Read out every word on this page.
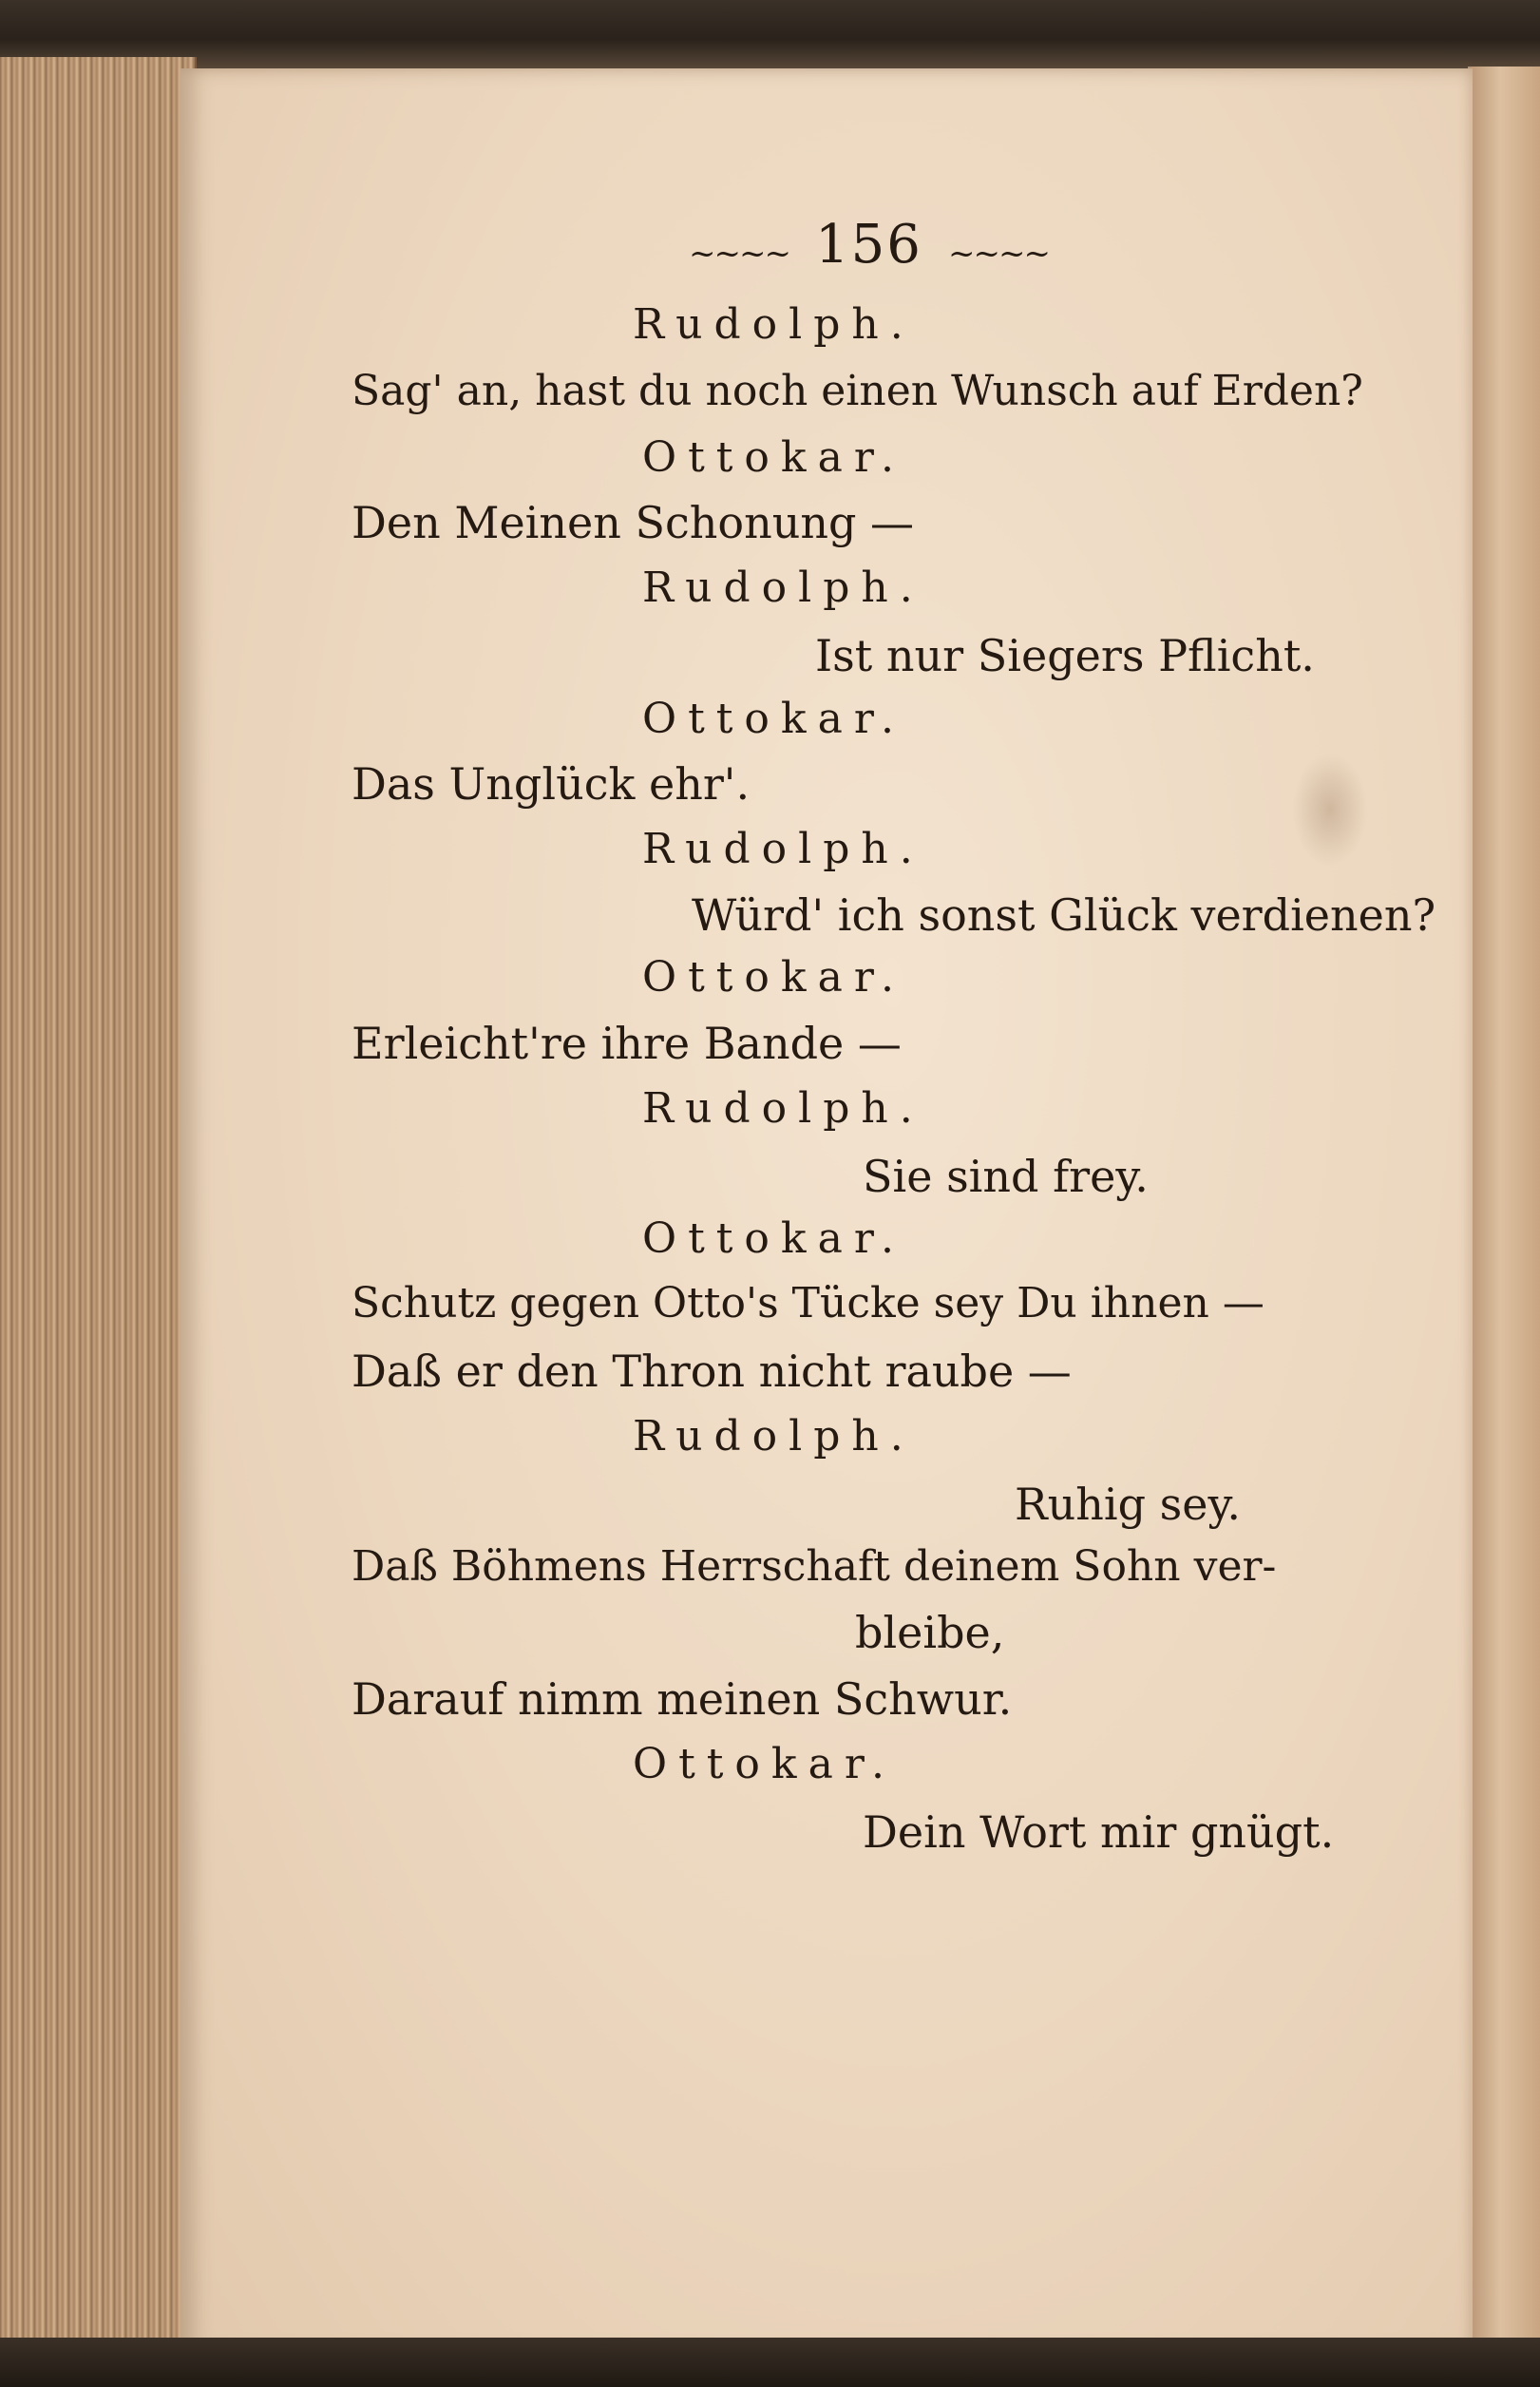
~~~~ 156 ~~~~
Rudolph.
Sag' an, hast du noch einen Wunsch auf Erden?
Ottokar.
Den Meinen Schonung —
Rudolph.
Ist nur Siegers Pflicht.
Ottokar.
Das Unglück ehr'.
Rudolph.
Würd' ich sonst Glück verdienen?
Ottokar.
Erleicht're ihre Bande —
Rudolph.
Sie sind frey.
Ottokar.
Schutz gegen Otto's Tücke sey Du ihnen —
Daß er den Thron nicht raube —
Rudolph.
Ruhig sey.
Daß Böhmens Herrschaft deinem Sohn ver-
bleibe,
Darauf nimm meinen Schwur.
Ottokar.
Dein Wort mir gnügt.
